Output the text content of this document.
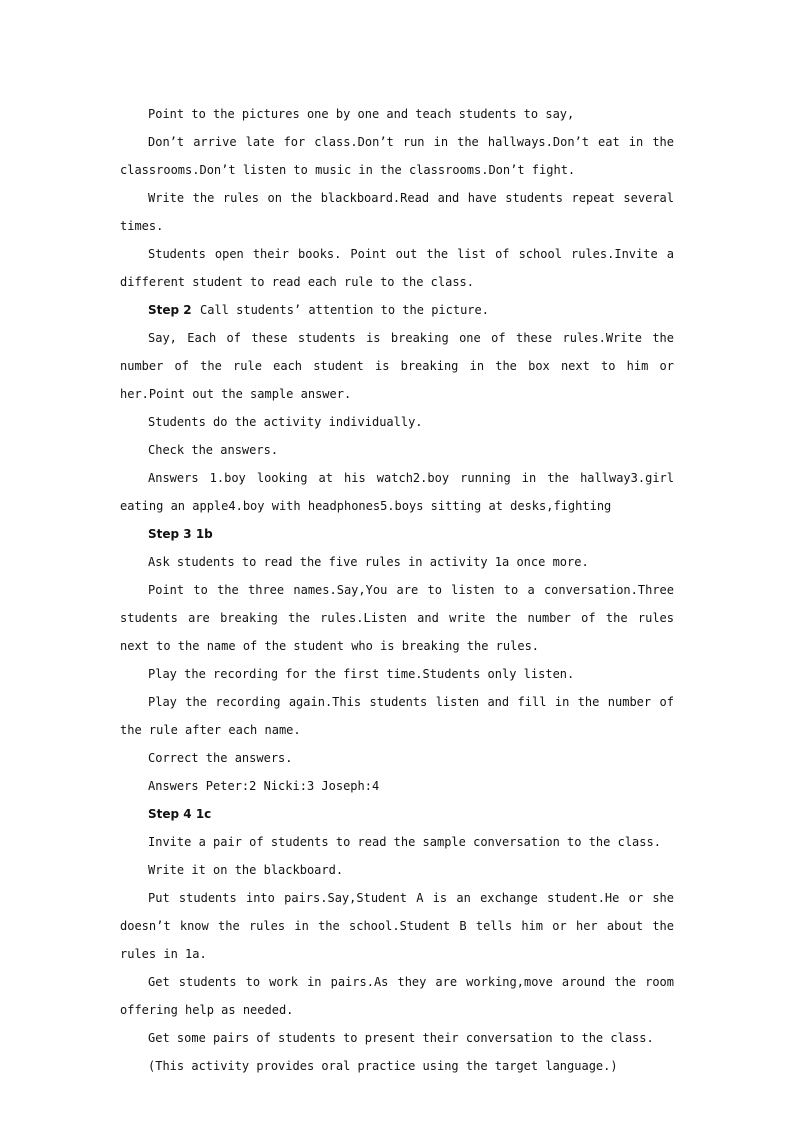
Point to the pictures one by one and teach students to say,

Don’t arrive late for class.Don’t run in the hallways.Don’t eat in the classrooms.Don’t listen to music in the classrooms.Don’t fight.

Write the rules on the blackboard.Read and have students repeat several times.

Students open their books. Point out the list of school rules.Invite a different student to read each rule to the class.

Step 2 Call students’ attention to the picture.

Say, Each of these students is breaking one of these rules.Write the number of the rule each student is breaking in the box next to him or her.Point out the sample answer.

Students do the activity individually.

Check the answers.

Answers 1.boy looking at his watch2.boy running in the hallway3.girl eating an apple4.boy with headphones5.boys sitting at desks,fighting

Step 3 1b

Ask students to read the five rules in activity 1a once more.

Point to the three names.Say,You are to listen to a conversation.Three students are breaking the rules.Listen and write the number of the rules next to the name of the student who is breaking the rules.

Play the recording for the first time.Students only listen.

Play the recording again.This students listen and fill in the number of the rule after each name.

Correct the answers.

Answers Peter:2 Nicki:3 Joseph:4

Step 4 1c

Invite a pair of students to read the sample conversation to the class.

Write it on the blackboard.

Put students into pairs.Say,Student A is an exchange student.He or she doesn’t know the rules in the school.Student B tells him or her about the rules in 1a.

Get students to work in pairs.As they are working,move around the room offering help as needed.

Get some pairs of students to present their conversation to the class.

(This activity provides oral practice using the target language.)
